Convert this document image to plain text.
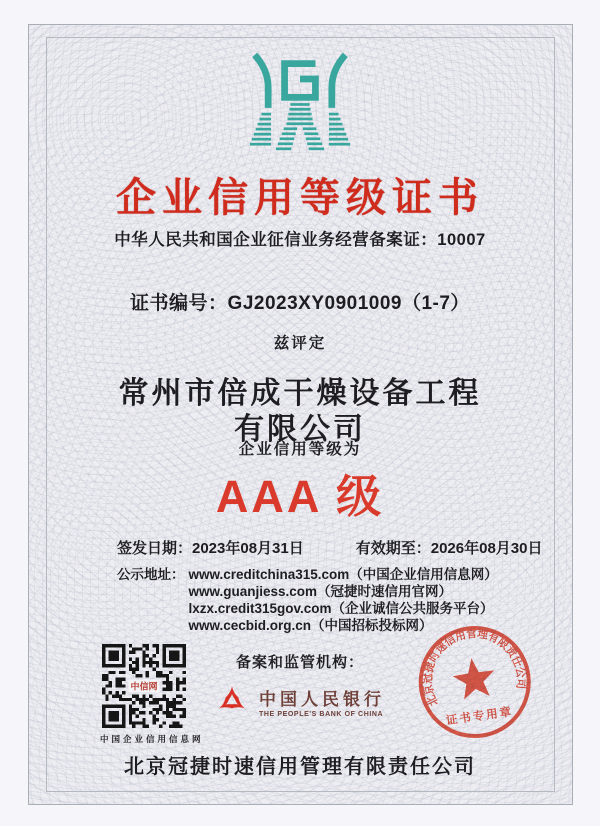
企业信用等级证书
中华人民共和国企业征信业务经营备案证：10007
证书编号：GJ2023XY0901009（1-7）
兹评定
常州市倍成干燥设备工程
有限公司
企业信用等级为
AAA 级
签发日期：2023年08月31日	有效期至：2026年08月30日
公示地址： www.creditchina315.com（中国企业信用信息网）
www.guanjiess.com（冠捷时速信用官网）
lxzx.credit315gov.com（企业诚信公共服务平台）
www.cecbid.org.cn（中国招标投标网）
备案和监管机构：
中国人民银行
THE PEOPLE'S BANK OF CHINA
中信网
中国企业信用信息网
北京冠捷时速信用管理有限责任公司
证书专用章
北京冠捷时速信用管理有限责任公司
